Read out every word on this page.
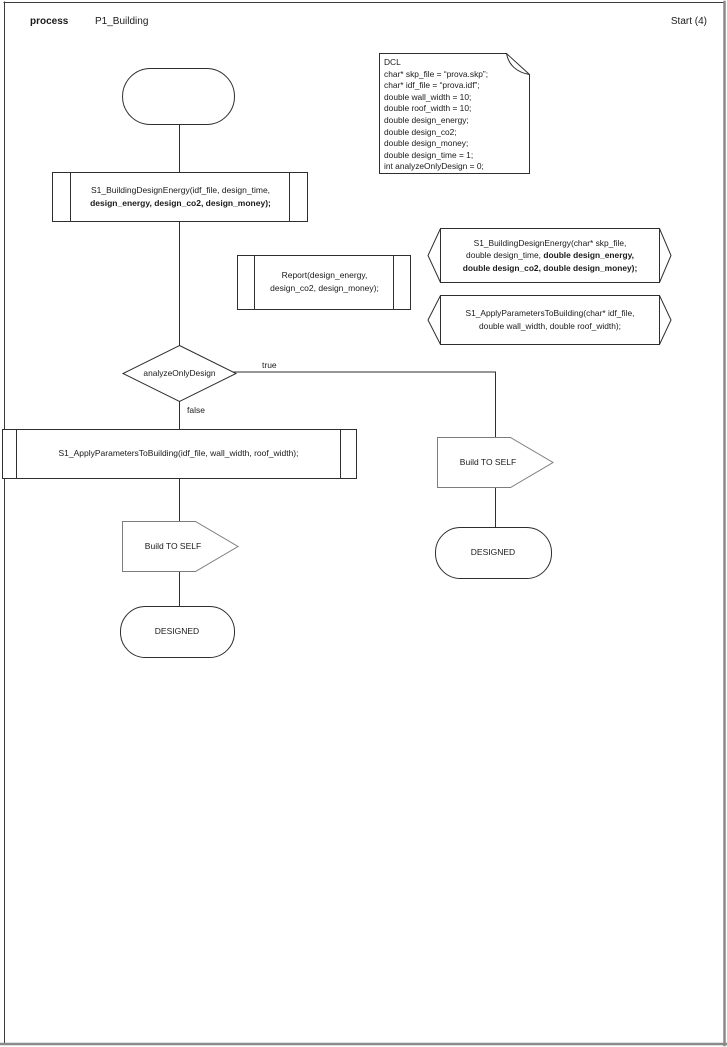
process	P1_Building	Start (4)
DCL
char* skp_file = “prova.skp”;
char* idf_file = “prova.idf”;
double wall_width = 10;
double roof_width = 10;
double design_energy;
double design_co2;
double design_money;
double design_time = 1;
int analyzeOnlyDesign = 0;
S1_BuildingDesignEnergy(idf_file, design_time,
design_energy, design_co2, design_money);
Report(design_energy,
design_co2, design_money);
S1_BuildingDesignEnergy(char* skp_file,
double design_time, double design_energy,
double design_co2, double design_money);
S1_ApplyParametersToBuilding(char* idf_file,
double wall_width, double roof_width);
analyzeOnlyDesign
true
false
S1_ApplyParametersToBuilding(idf_file, wall_width, roof_width);
Build TO SELF
Build TO SELF
DESIGNED
DESIGNED
